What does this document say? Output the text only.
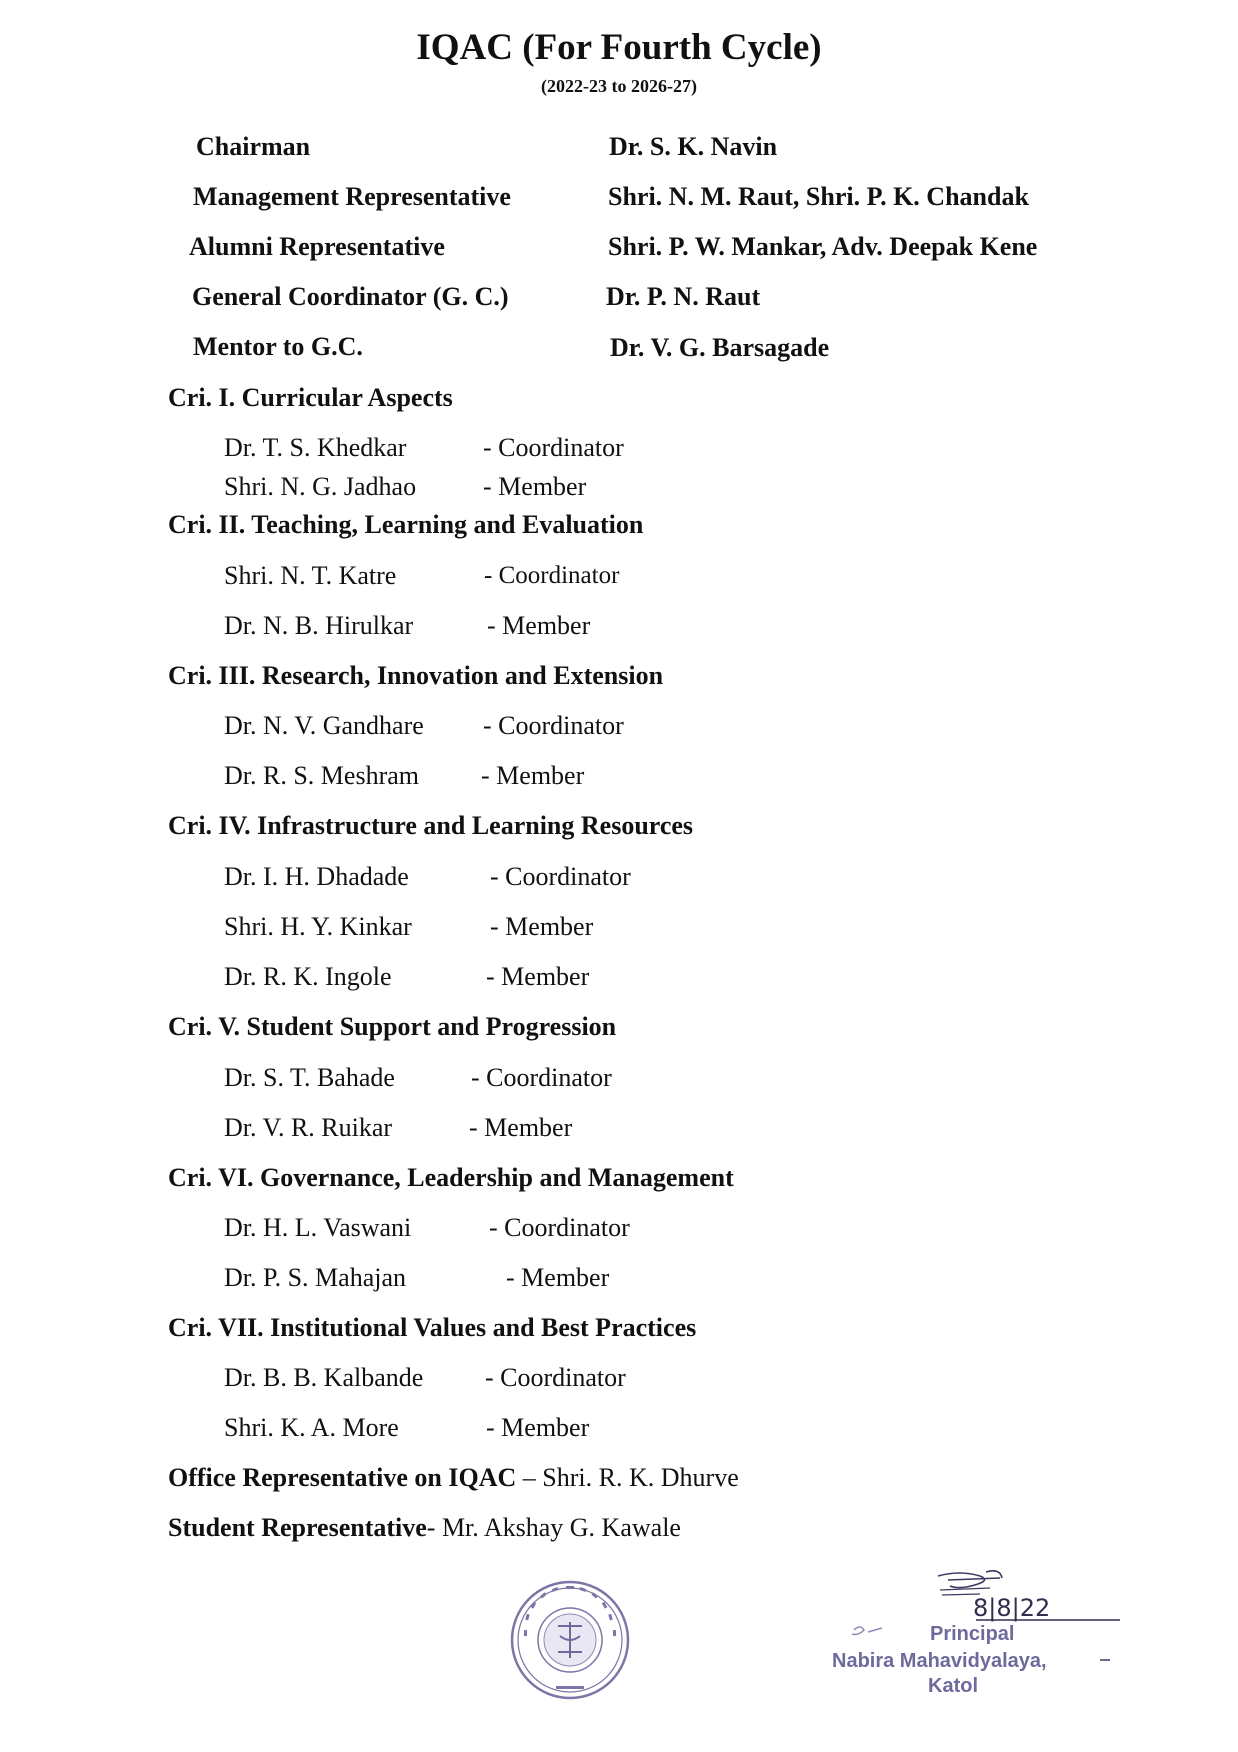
IQAC (For Fourth Cycle)
(2022-23 to 2026-27)
Chairman	Dr. S. K. Navin
Management Representative	Shri. N. M. Raut, Shri. P. K. Chandak
Alumni Representative	Shri. P. W. Mankar, Adv. Deepak Kene
General Coordinator (G. C.)	Dr. P. N. Raut
Mentor to G.C.	Dr. V. G. Barsagade
Cri. I. Curricular Aspects
Dr. T. S. Khedkar	- Coordinator
Shri. N. G. Jadhao	- Member
Cri. II. Teaching, Learning and Evaluation
Shri. N. T. Katre	- Coordinator
Dr. N. B. Hirulkar	- Member
Cri. III. Research, Innovation and Extension
Dr. N. V. Gandhare - Coordinator
Dr. R. S. Meshram - Member
Cri. IV. Infrastructure and Learning Resources
Dr. I. H. Dhadade	- Coordinator
Shri. H. Y. Kinkar	- Member
Dr. R. K. Ingole	- Member
Cri. V. Student Support and Progression
Dr. S. T. Bahade	- Coordinator
Dr. V. R. Ruikar	- Member
Cri. VI. Governance, Leadership and Management
Dr. H. L. Vaswani	- Coordinator
Dr. P. S. Mahajan	- Member
Cri. VII. Institutional Values and Best Practices
Dr. B. B. Kalbande - Coordinator
Shri. K. A. More	- Member
Office Representative on IQAC – Shri. R. K. Dhurve
Student Representative- Mr. Akshay G. Kawale
8|8|22
Principal
Nabira Mahavidyalaya,
Katol
